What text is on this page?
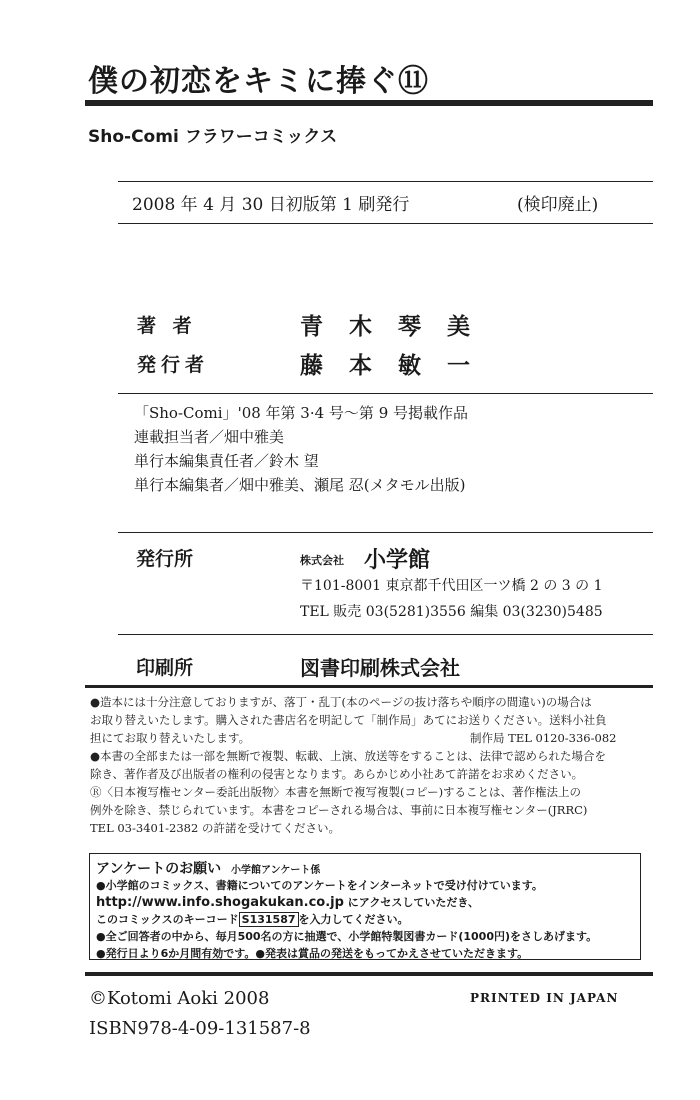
僕の初恋をキミに捧ぐ⑪
Sho-Comi フラワーコミックス
2008 年 4 月 30 日初版第 1 刷発行	(検印廃止)
著 者	青木琴美
発行者	藤本敏一
「Sho-Comi」'08 年第 3·4 号〜第 9 号掲載作品
連載担当者／畑中雅美
単行本編集責任者／鈴木 望
単行本編集者／畑中雅美、瀬尾 忍(メタモル出版)
発行所	株式会社 小学館
〒101-8001 東京都千代田区一ツ橋 2 の 3 の 1
TEL 販売 03(5281)3556 編集 03(3230)5485
印刷所	図書印刷株式会社
●造本には十分注意しておりますが、落丁・乱丁(本のページの抜け落ちや順序の間違い)の場合は
お取り替えいたします。購入された書店名を明記して「制作局」あてにお送りください。送料小社負
担にてお取り替えいたします。	制作局 TEL 0120-336-082
●本書の全部または一部を無断で複製、転載、上演、放送等をすることは、法律で認められた場合を
除き、著作者及び出版者の権利の侵害となります。あらかじめ小社あて許諾をお求めください。
Ⓡ〈日本複写権センター委託出版物〉本書を無断で複写複製(コピー)することは、著作権法上の
例外を除き、禁じられています。本書をコピーされる場合は、事前に日本複写権センター(JRRC)
TEL 03-3401-2382 の許諾を受けてください。
アンケートのお願い 小学館アンケート係
●小学館のコミックス、書籍についてのアンケートをインターネットで受け付けています。
http://www.info.shogakukan.co.jp にアクセスしていただき、
このコミックスのキーコード S131587 を入力してください。
●全ご回答者の中から、毎月500名の方に抽選で、小学館特製図書カード(1000円)をさしあげます。
●発行日より6か月間有効です。●発表は賞品の発送をもってかえさせていただきます。
©Kotomi Aoki 2008	PRINTED IN JAPAN
ISBN978-4-09-131587-8
